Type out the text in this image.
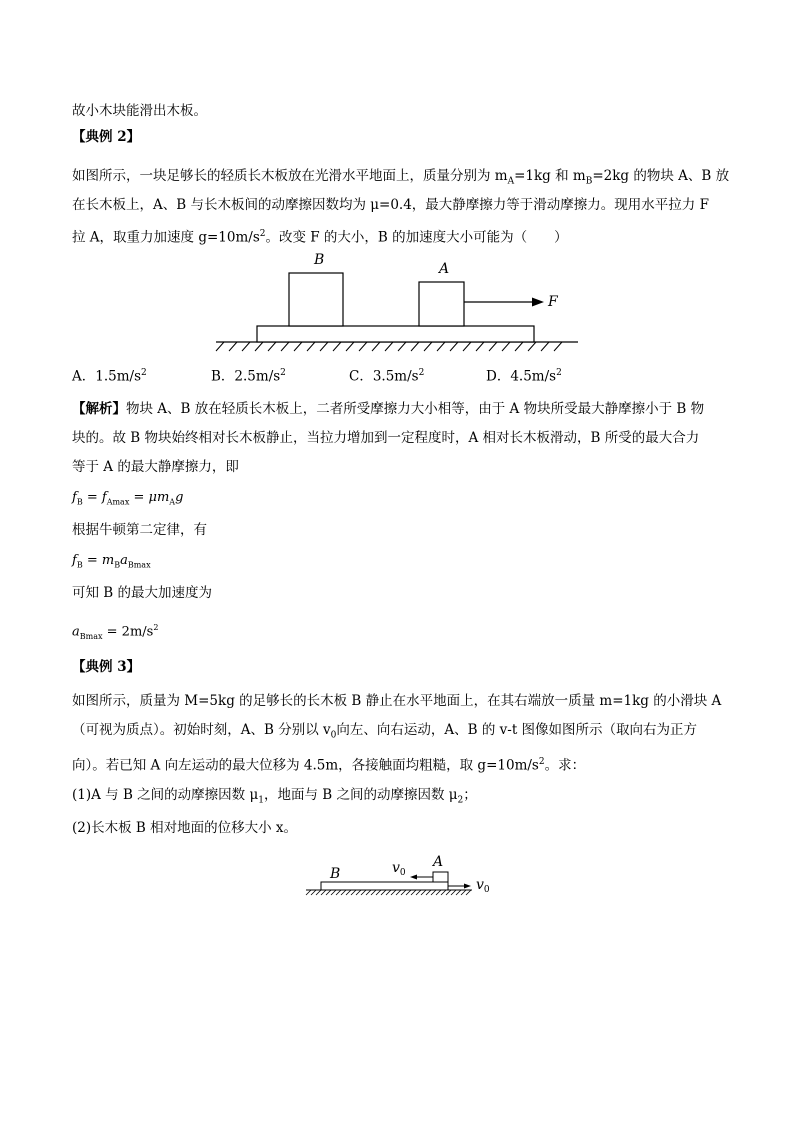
故小木块能滑出木板。
【典例 2】
如图所示，一块足够长的轻质长木板放在光滑水平地面上，质量分别为 $m_A=1kg$ 和 $m_B=2kg$ 的物块 A、B 放
在长木板上，A、B 与长木板间的动摩擦因数均为 μ=0.4，最大静摩擦力等于滑动摩擦力。现用水平拉力 F
拉 A，取重力加速度 $g=10m/s^2$。改变 F 的大小，B 的加速度大小可能为（　　）
B
A
F
A．$1.5m/s^2$	B．$2.5m/s^2$	C．$3.5m/s^2$	D．$4.5m/s^2$
【解析】物块 A、B 放在轻质长木板上，二者所受摩擦力大小相等，由于 A 物块所受最大静摩擦小于 B 物
块的。故 B 物块始终相对长木板静止，当拉力增加到一定程度时，A 相对长木板滑动，B 所受的最大合力
等于 A 的最大静摩擦力，即
$f_B = f_{Amax} = \mu m_Ag$
根据牛顿第二定律，有
$f_B = m_Ba_{Bmax}$
可知 B 的最大加速度为
$a_{Bmax} = 2m/s^2$
【典例 3】
如图所示，质量为 M=5kg 的足够长的长木板 B 静止在水平地面上，在其右端放一质量 m=1kg 的小滑块 A
（可视为质点）。初始时刻，A、B 分别以 $v_0$向左、向右运动，A、B 的 v-t 图像如图所示（取向右为正方
向）。若已知 A 向左运动的最大位移为 4.5m，各接触面均粗糙，取 $g=10m/s^2$。求：
(1)A 与 B 之间的动摩擦因数 $\mu_1$，地面与 B 之间的动摩擦因数 $\mu_2$；
(2)长木板 B 相对地面的位移大小 x。
B
A
$v_0$
$v_0$
